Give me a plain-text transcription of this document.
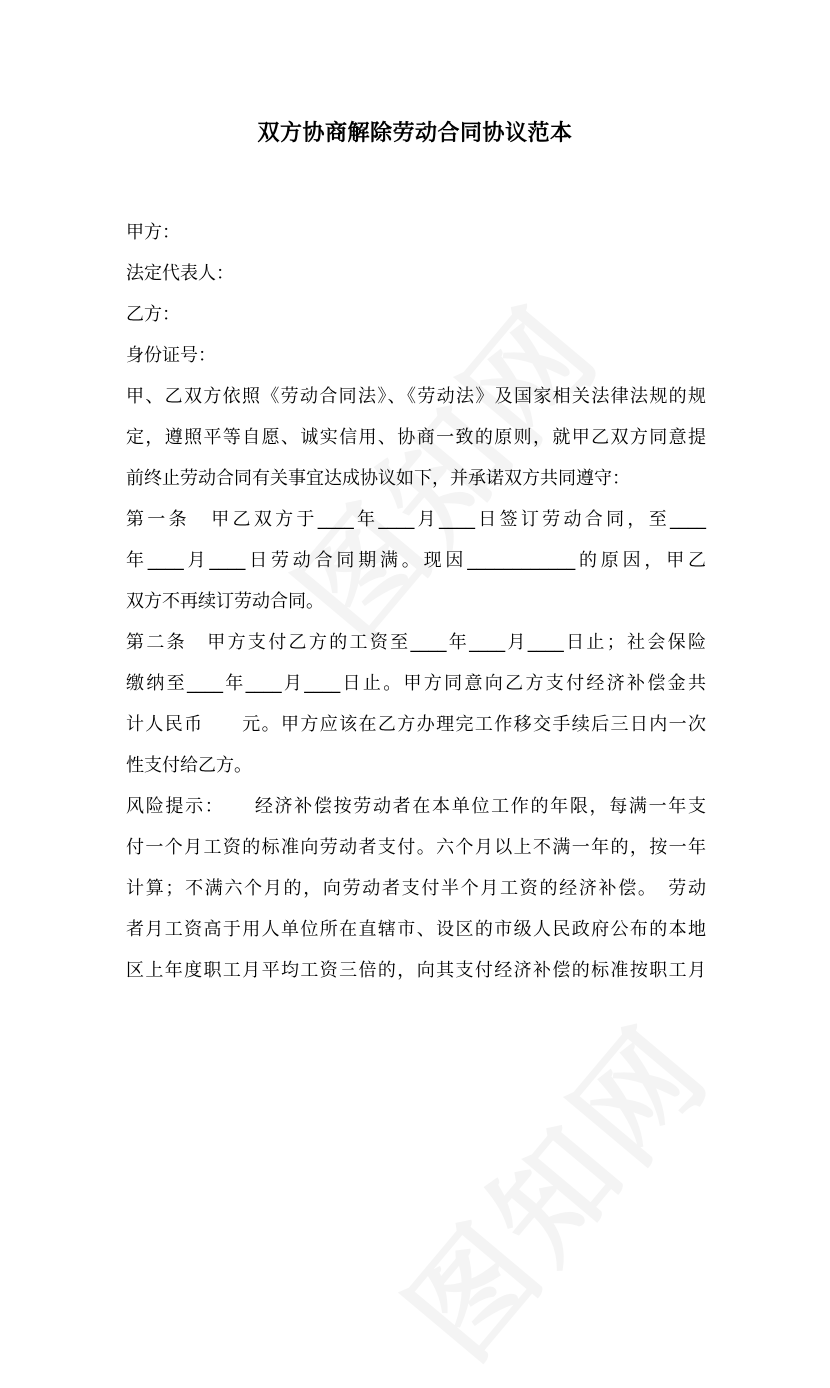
双方协商解除劳动合同协议范本
甲方：
法定代表人：
乙方：
身份证号：
甲、乙双方依照《劳动合同法》、《劳动法》及国家相关法律法规的规
定，遵照平等自愿、诚实信用、协商一致的原则，就甲乙双方同意提
前终止劳动合同有关事宜达成协议如下，并承诺双方共同遵守：
第一条　甲乙双方于____年____月____日签订劳动合同，至____
年____月____日劳动合同期满。现因____________的原因，甲乙
双方不再续订劳动合同。
第二条　甲方支付乙方的工资至____年____月____日止；社会保险
缴纳至____年____月____日止。甲方同意向乙方支付经济补偿金共
计人民币　　元。甲方应该在乙方办理完工作移交手续后三日内一次
性支付给乙方。
风险提示：　　经济补偿按劳动者在本单位工作的年限，每满一年支
付一个月工资的标准向劳动者支付。六个月以上不满一年的，按一年
计算；不满六个月的，向劳动者支付半个月工资的经济补偿。　劳动
者月工资高于用人单位所在直辖市、设区的市级人民政府公布的本地
区上年度职工月平均工资三倍的，向其支付经济补偿的标准按职工月
